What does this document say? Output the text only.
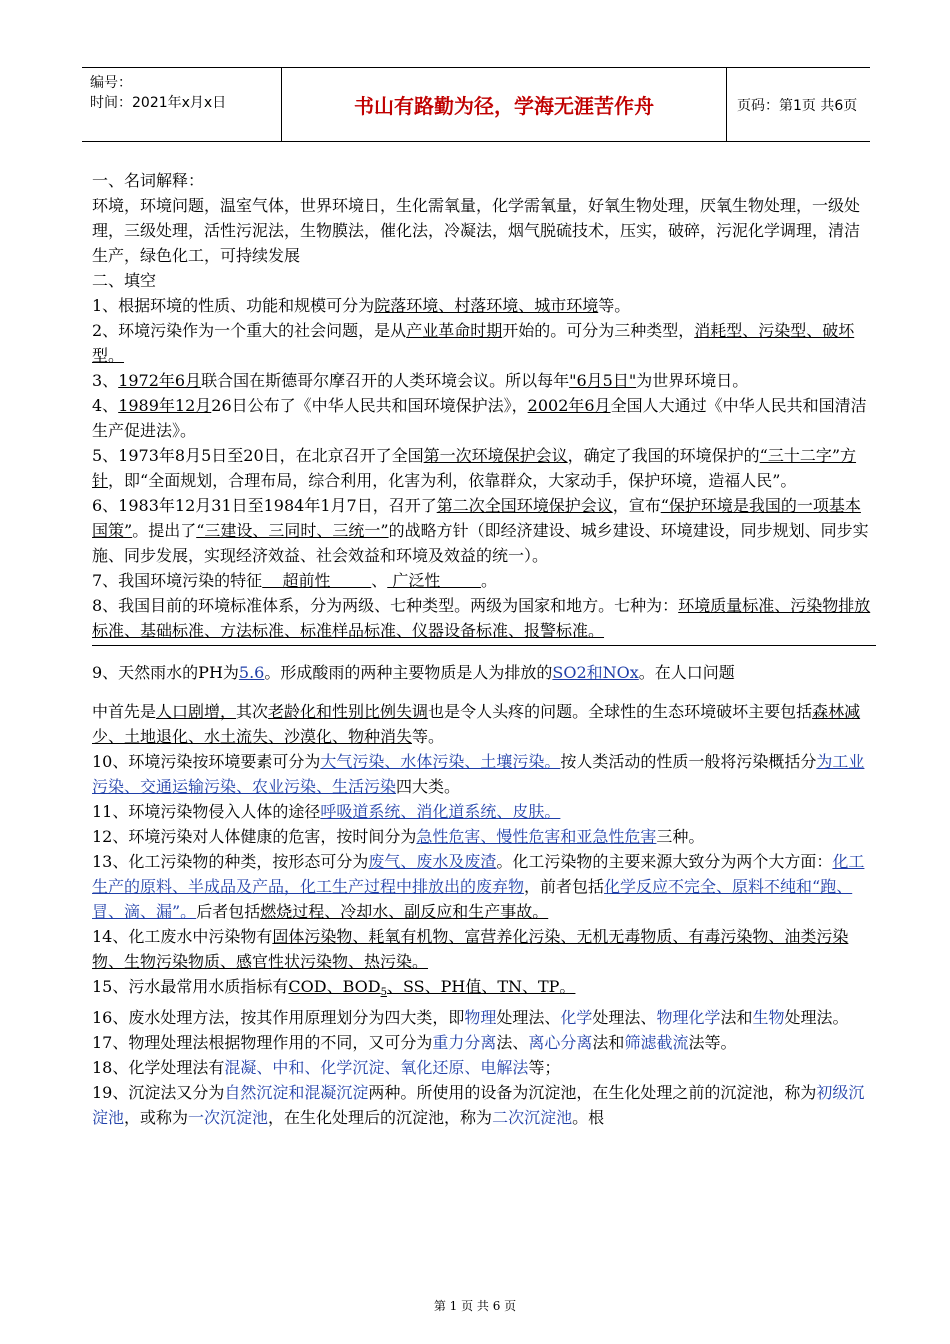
编号：
时间：2021年x月x日	书山有路勤为径，学海无涯苦作舟	页码：第1页 共6页

一、名词解释：

环境，环境问题，温室气体，世界环境日，生化需氧量，化学需氧量，好氧生物处理，厌氧生物处理，一级处理，三级处理，活性污泥法，生物膜法，催化法，冷凝法，烟气脱硫技术，压实，破碎，污泥化学调理，清洁生产，绿色化工，可持续发展

二、填空

1、根据环境的性质、功能和规模可分为院落环境、村落环境、城市环境等。

2、环境污染作为一个重大的社会问题，是从产业革命时期开始的。可分为三种类型，消耗型、污染型、破坏型。

3、1972年6月联合国在斯德哥尔摩召开的人类环境会议。所以每年"6月5日"为世界环境日。

4、1989年12月26日公布了《中华人民共和国环境保护法》，2002年6月全国人大通过《中华人民共和国清洁生产促进法》。

5、1973年8月5日至20日，在北京召开了全国第一次环境保护会议，确定了我国的环境保护的“三十二字”方针，即“全面规划，合理布局，综合利用，化害为利，依靠群众，大家动手，保护环境，造福人民”。

6、1983年12月31日至1984年1月7日，召开了第二次全国环境保护会议，宣布“保护环境是我国的一项基本国策”。提出了“三建设、三同时、三统一”的战略方针（即经济建设、城乡建设、环境建设，同步规划、同步实施、同步发展，实现经济效益、社会效益和环境及效益的统一）。

7、我国环境污染的特征    超前性        、 广泛性        。

8、我国目前的环境标准体系，分为两级、七种类型。两级为国家和地方。七种为：环境质量标准、污染物排放标准、基础标准、方法标准、标准样品标准、仪器设备标准、报警标准。

9、天然雨水的PH为5.6。形成酸雨的两种主要物质是人为排放的SO2和NOx。在人口问题

中首先是人口剧增，其次老龄化和性别比例失调也是令人头疼的问题。全球性的生态环境破坏主要包括森林减少、土地退化、水土流失、沙漠化、物种消失等。

10、环境污染按环境要素可分为大气污染、水体污染、土壤污染。按人类活动的性质一般将污染概括分为工业污染、交通运输污染、农业污染、生活污染四大类。

11、环境污染物侵入人体的途径呼吸道系统、消化道系统、皮肤。

12、环境污染对人体健康的危害，按时间分为急性危害、慢性危害和亚急性危害三种。

13、化工污染物的种类，按形态可分为废气、废水及废渣。化工污染物的主要来源大致分为两个大方面：化工生产的原料、半成品及产品，化工生产过程中排放出的废弃物，前者包括化学反应不完全、原料不纯和“跑、冒、滴、漏”。后者包括燃烧过程、冷却水、副反应和生产事故。

14、化工废水中污染物有固体污染物、耗氧有机物、富营养化污染、无机无毒物质、有毒污染物、油类污染物、生物污染物质、感官性状污染物、热污染。

15、污水最常用水质指标有COD、$BOD_5$、SS、PH值、TN、TP。

16、废水处理方法，按其作用原理划分为四大类，即物理处理法、化学处理法、物理化学法和生物处理法。

17、物理处理法根据物理作用的不同，又可分为重力分离法、离心分离法和筛滤截流法等。

18、化学处理法有混凝、中和、化学沉淀、氧化还原、电解法等；

19、沉淀法又分为自然沉淀和混凝沉淀两种。所使用的设备为沉淀池，在生化处理之前的沉淀池，称为初级沉淀池，或称为一次沉淀池，在生化处理后的沉淀池，称为二次沉淀池。根

第 1 页 共 6 页
